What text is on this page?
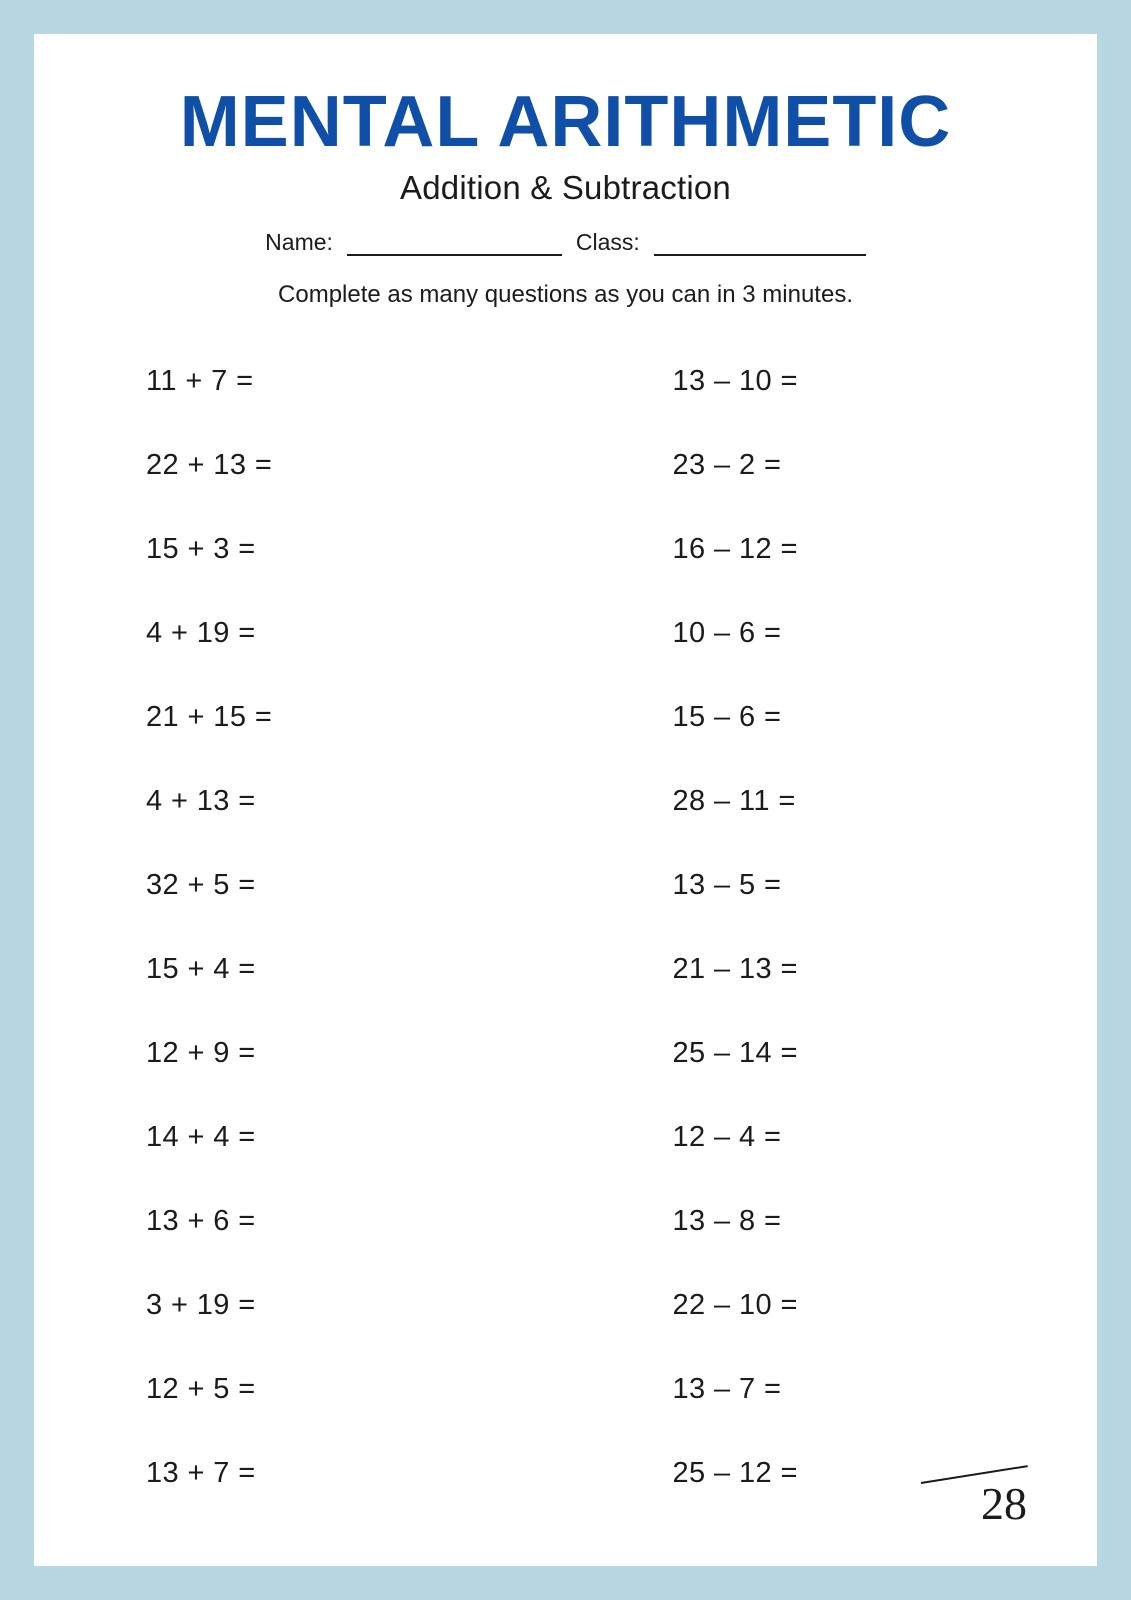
MENTAL ARITHMETIC
Addition & Subtraction
Name:	Class:
Complete as many questions as you can in 3 minutes.
11 + 7 =
22 + 13 =
15 + 3 =
4 + 19 =
21 + 15 =
4 + 13 =
32 + 5 =
15 + 4 =
12 + 9 =
14 + 4 =
13 + 6 =
3 + 19 =
12 + 5 =
13 + 7 =
13 – 10 =
23 – 2 =
16 – 12 =
10 – 6 =
15 – 6 =
28 – 11 =
13 – 5 =
21 – 13 =
25 – 14 =
12 – 4 =
13 – 8 =
22 – 10 =
13 – 7 =
25 – 12 =
28
